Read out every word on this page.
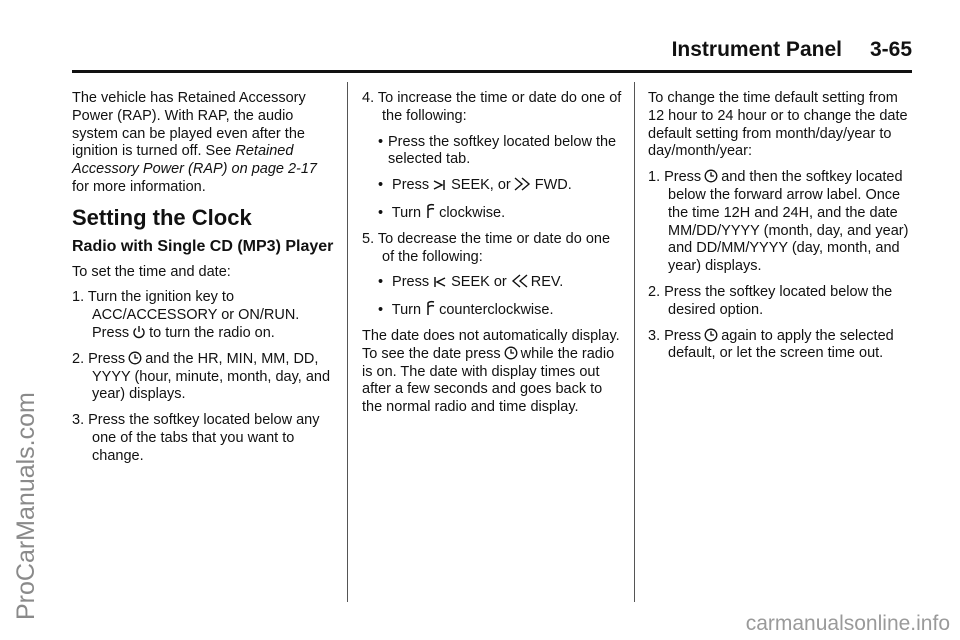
Instrument Panel 3-65

The vehicle has Retained Accessory Power (RAP). With RAP, the audio system can be played even after the ignition is turned off. See Retained Accessory Power (RAP) on page 2-17 for more information.

Setting the Clock
Radio with Single CD (MP3) Player

To set the time and date:

1. Turn the ignition key to ACC/ACCESSORY or ON/RUN. Press to turn the radio on.

2. Press and the HR, MIN, MM, DD, YYYY (hour, minute, month, day, and year) displays.

3. Press the softkey located below any one of the tabs that you want to change.

4. To increase the time or date do one of the following:

• Press the softkey located below the selected tab.

• Press SEEK, or FWD.

• Turn clockwise.

5. To decrease the time or date do one of the following:

• Press SEEK or REV.

• Turn counterclockwise.

The date does not automatically display. To see the date press while the radio is on. The date with display times out after a few seconds and goes back to the normal radio and time display.

To change the time default setting from 12 hour to 24 hour or to change the date default setting from month/day/year to day/month/year:

1. Press and then the softkey located below the forward arrow label. Once the time 12H and 24H, and the date MM/DD/YYYY (month, day, and year) and DD/MM/YYYY (day, month, and year) displays.

2. Press the softkey located below the desired option.

3. Press again to apply the selected default, or let the screen time out.

ProCarManuals.com
carmanualsonline.info
